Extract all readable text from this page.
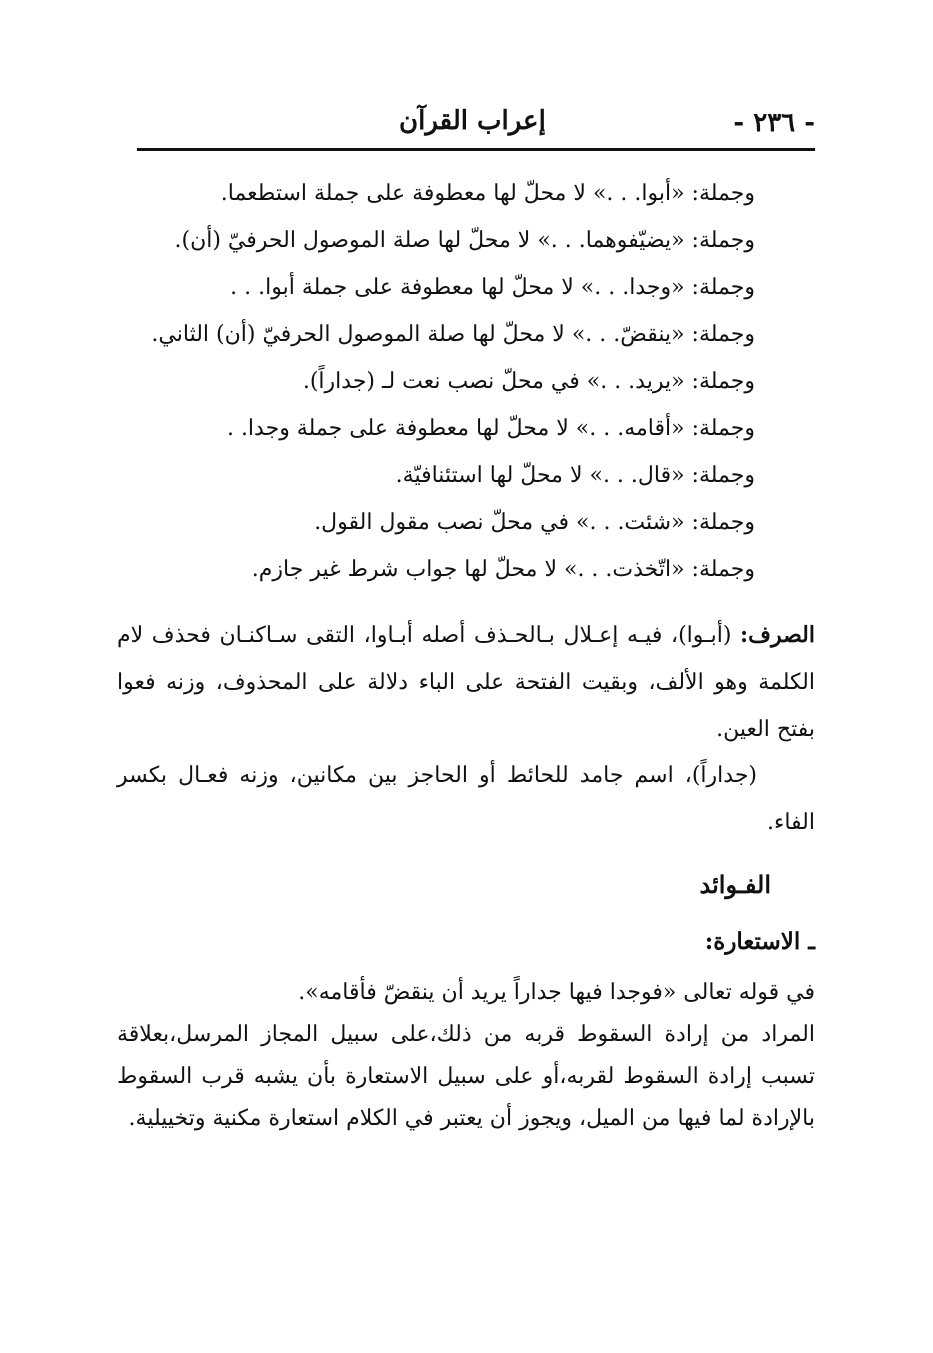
- ٢٣٦ -
إعراب القرآن
وجملة: «أبوا. . .» لا محلّ لها معطوفة على جملة استطعما.
وجملة: «يضيّفوهما. . .» لا محلّ لها صلة الموصول الحرفيّ (أن).
وجملة: «وجدا. . .» لا محلّ لها معطوفة على جملة أبوا. . .
وجملة: «ينقضّ. . .» لا محلّ لها صلة الموصول الحرفيّ (أن) الثاني.
وجملة: «يريد. . .» في محلّ نصب نعت لـ (جداراً).
وجملة: «أقامه. . .» لا محلّ لها معطوفة على جملة وجدا. .
وجملة: «قال. . .» لا محلّ لها استئنافيّة.
وجملة: «شئت. . .» في محلّ نصب مقول القول.
وجملة: «اتّخذت. . .» لا محلّ لها جواب شرط غير جازم.
الصرف: (أبـوا)، فيـه إعـلال بـالحـذف أصله أبـاوا، التقى سـاكنـان فحذف لام الكلمة وهو الألف، وبقيت الفتحة على الباء دلالة على المحذوف، وزنه فعوا بفتح العين.
(جداراً)، اسم جامد للحائط أو الحاجز بين مكانين، وزنه فعـال بكسر الفاء.
الفـوائد
ـ الاستعارة:
في قوله تعالى «فوجدا فيها جداراً يريد أن ينقضّ فأقامه».
المراد من إرادة السقوط قربه من ذلك،على سبيل المجاز المرسل،بعلاقة تسبب إرادة السقوط لقربه،أو على سبيل الاستعارة بأن يشبه قرب السقوط بالإرادة لما فيها من الميل، ويجوز أن يعتبر في الكلام استعارة مكنية وتخييلية.
